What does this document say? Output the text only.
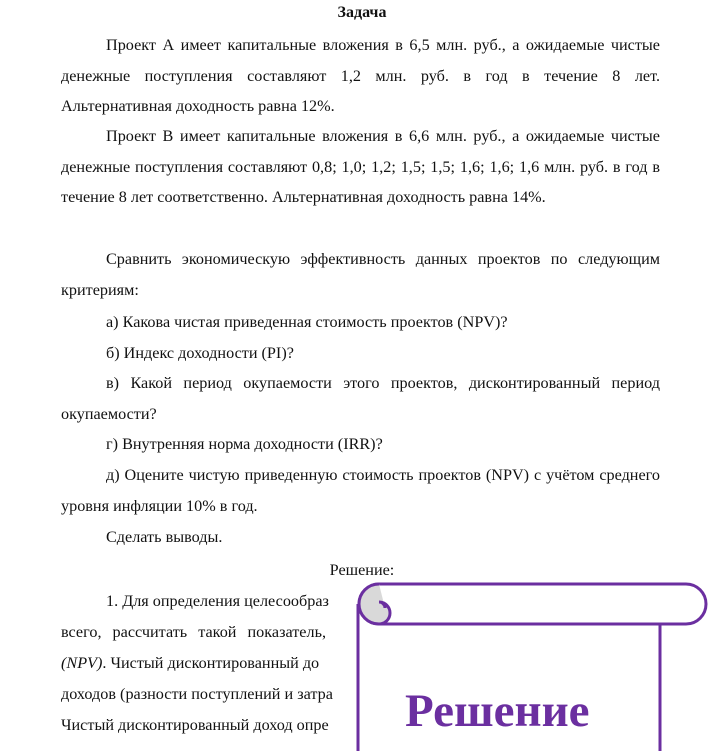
Задача

Проект А имеет капитальные вложения в 6,5 млн. руб., а ожидаемые чистые денежные поступления составляют 1,2 млн. руб. в год в течение 8 лет. Альтернативная доходность равна 12%.

Проект В имеет капитальные вложения в 6,6 млн. руб., а ожидаемые чистые денежные поступления составляют 0,8; 1,0; 1,2; 1,5; 1,5; 1,6; 1,6; 1,6 млн. руб. в год в течение 8 лет соответственно. Альтернативная доходность равна 14%.

Сравнить экономическую эффективность данных проектов по следующим критериям:

а) Какова чистая приведенная стоимость проектов (NPV)?

б) Индекс доходности (PI)?

в) Какой период окупаемости этого проектов, дисконтированный период окупаемости?

г) Внутренняя норма доходности (IRR)?

д) Оцените чистую приведенную стоимость проектов (NPV) с учётом среднего уровня инфляции 10% в год.

Сделать выводы.

Решение:
1. Для определения целесообраз
всего, рассчитать такой показатель,
(NPV). Чистый дисконтированный до
доходов (разности поступлений и затра
Чистый дисконтированный доход опре Решение
